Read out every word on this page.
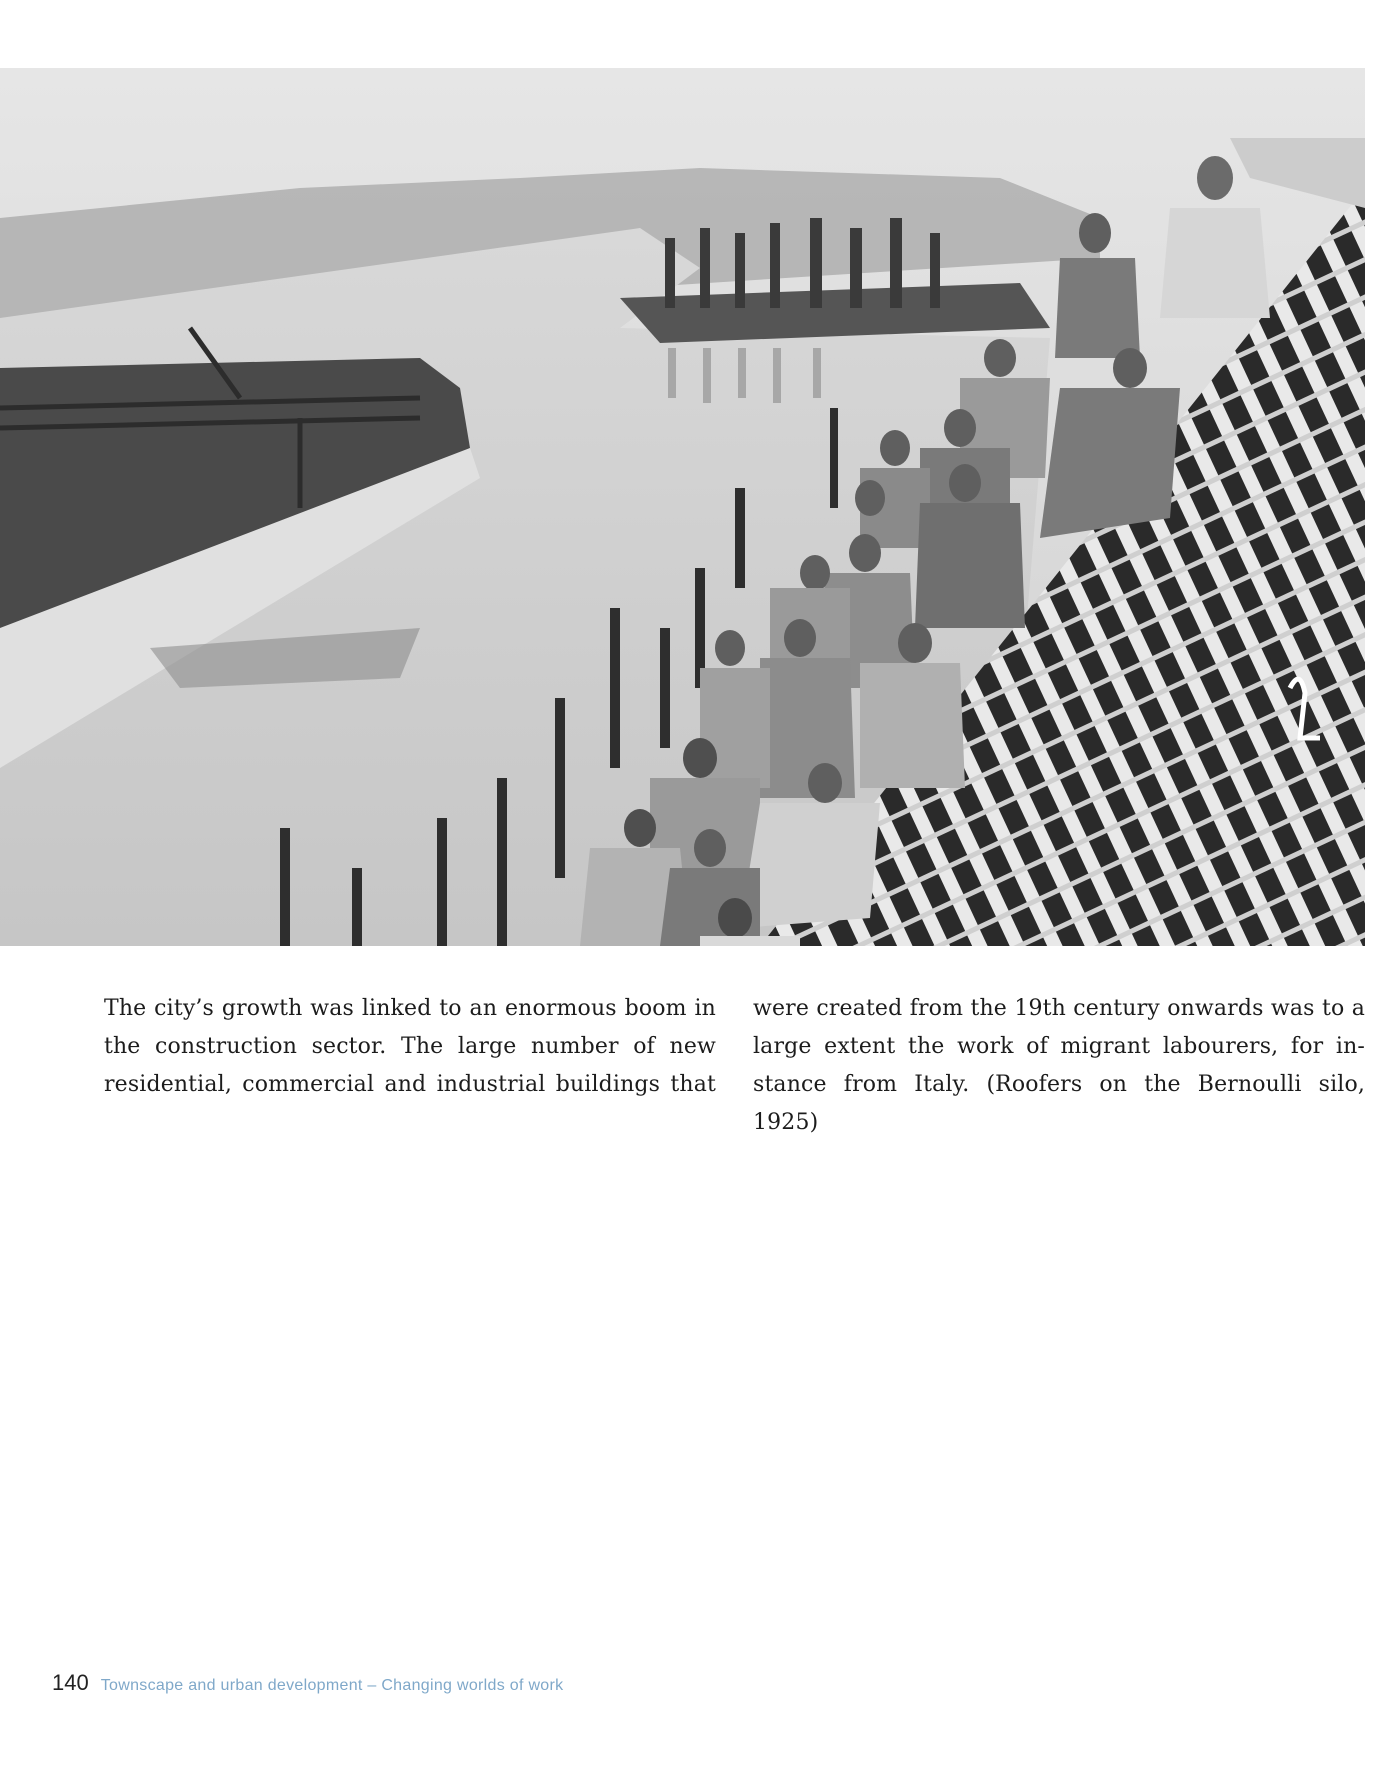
The city’s growth was linked to an enormous boom in the construction sector. The large number of new residential, commercial and industrial buildings that

were created from the 19th century onwards was to a large extent the work of migrant labourers, for in-stance from Italy. (Roofers on the Bernoulli silo, 1925)

140 Townscape and urban development – Changing worlds of work
